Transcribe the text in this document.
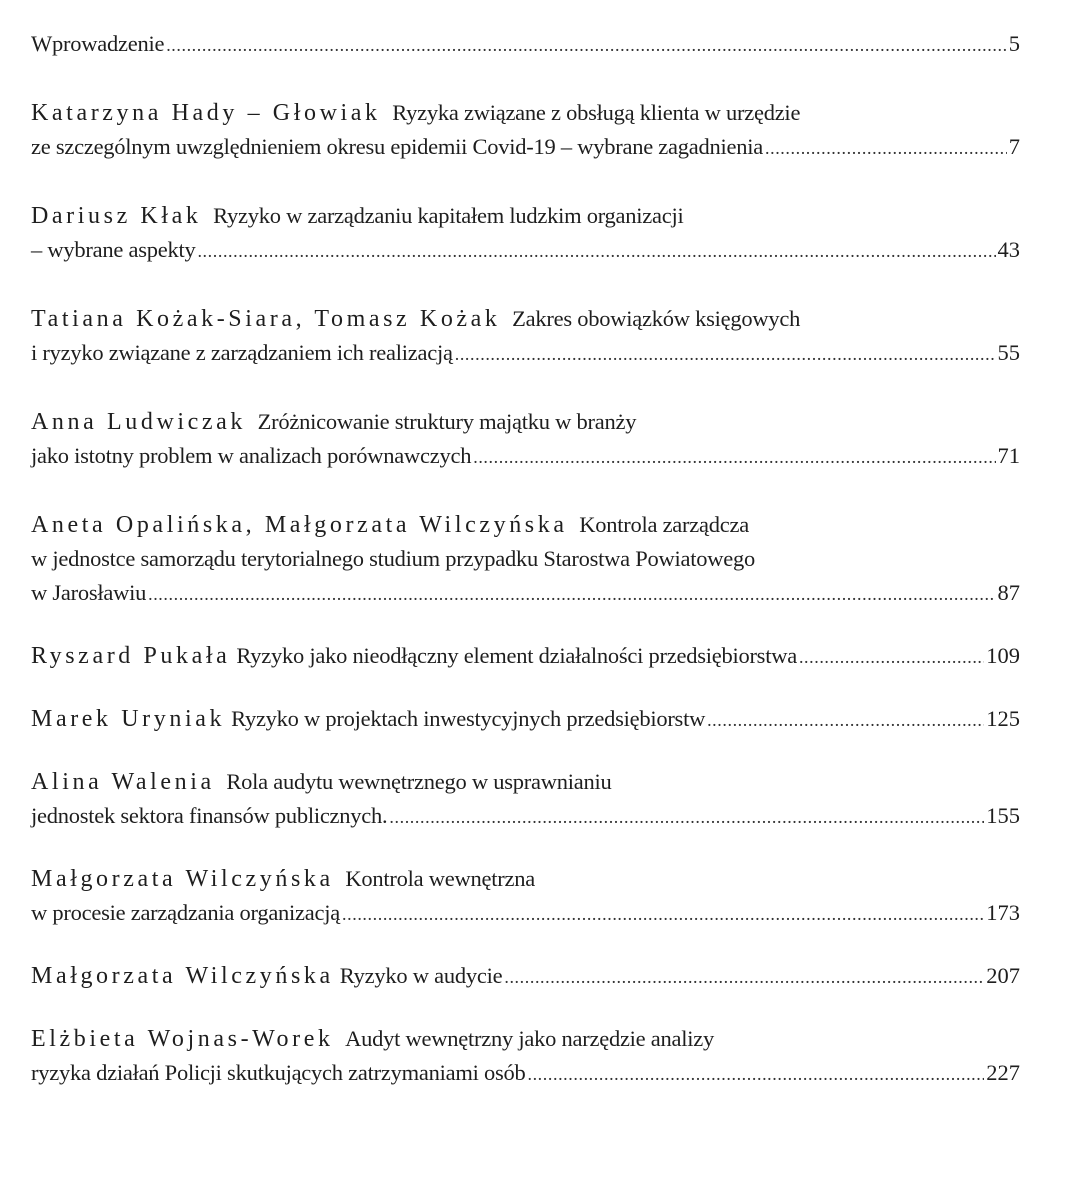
Wprowadzenie .....	5
Katarzyna Hady – Głowiak Ryzyka związane z obsługą klienta w urzędzie
ze szczególnym uwzględnieniem okresu epidemii Covid-19 – wybrane zagadnienia .....	7
Dariusz Kłak Ryzyko w zarządzaniu kapitałem ludzkim organizacji
– wybrane aspekty .....	43
Tatiana Kożak-Siara, Tomasz Kożak Zakres obowiązków księgowych
i ryzyko związane z zarządzaniem ich realizacją .....	55
Anna Ludwiczak Zróżnicowanie struktury majątku w branży
jako istotny problem w analizach porównawczych .....	71
Aneta Opalińska, Małgorzata Wilczyńska Kontrola zarządcza
w jednostce samorządu terytorialnego studium przypadku Starostwa Powiatowego
w Jarosławiu .....	87
Ryszard Pukała Ryzyko jako nieodłączny element działalności przedsiębiorstwa .....	109
Marek Uryniak Ryzyko w projektach inwestycyjnych przedsiębiorstw .....	125
Alina Walenia Rola audytu wewnętrznego w usprawnianiu
jednostek sektora finansów publicznych. .....	155
Małgorzata Wilczyńska Kontrola wewnętrzna
w procesie zarządzania organizacją .....	173
Małgorzata Wilczyńska Ryzyko w audycie .....	207
Elżbieta Wojnas-Worek Audyt wewnętrzny jako narzędzie analizy
ryzyka działań Policji skutkujących zatrzymaniami osób .....	227
